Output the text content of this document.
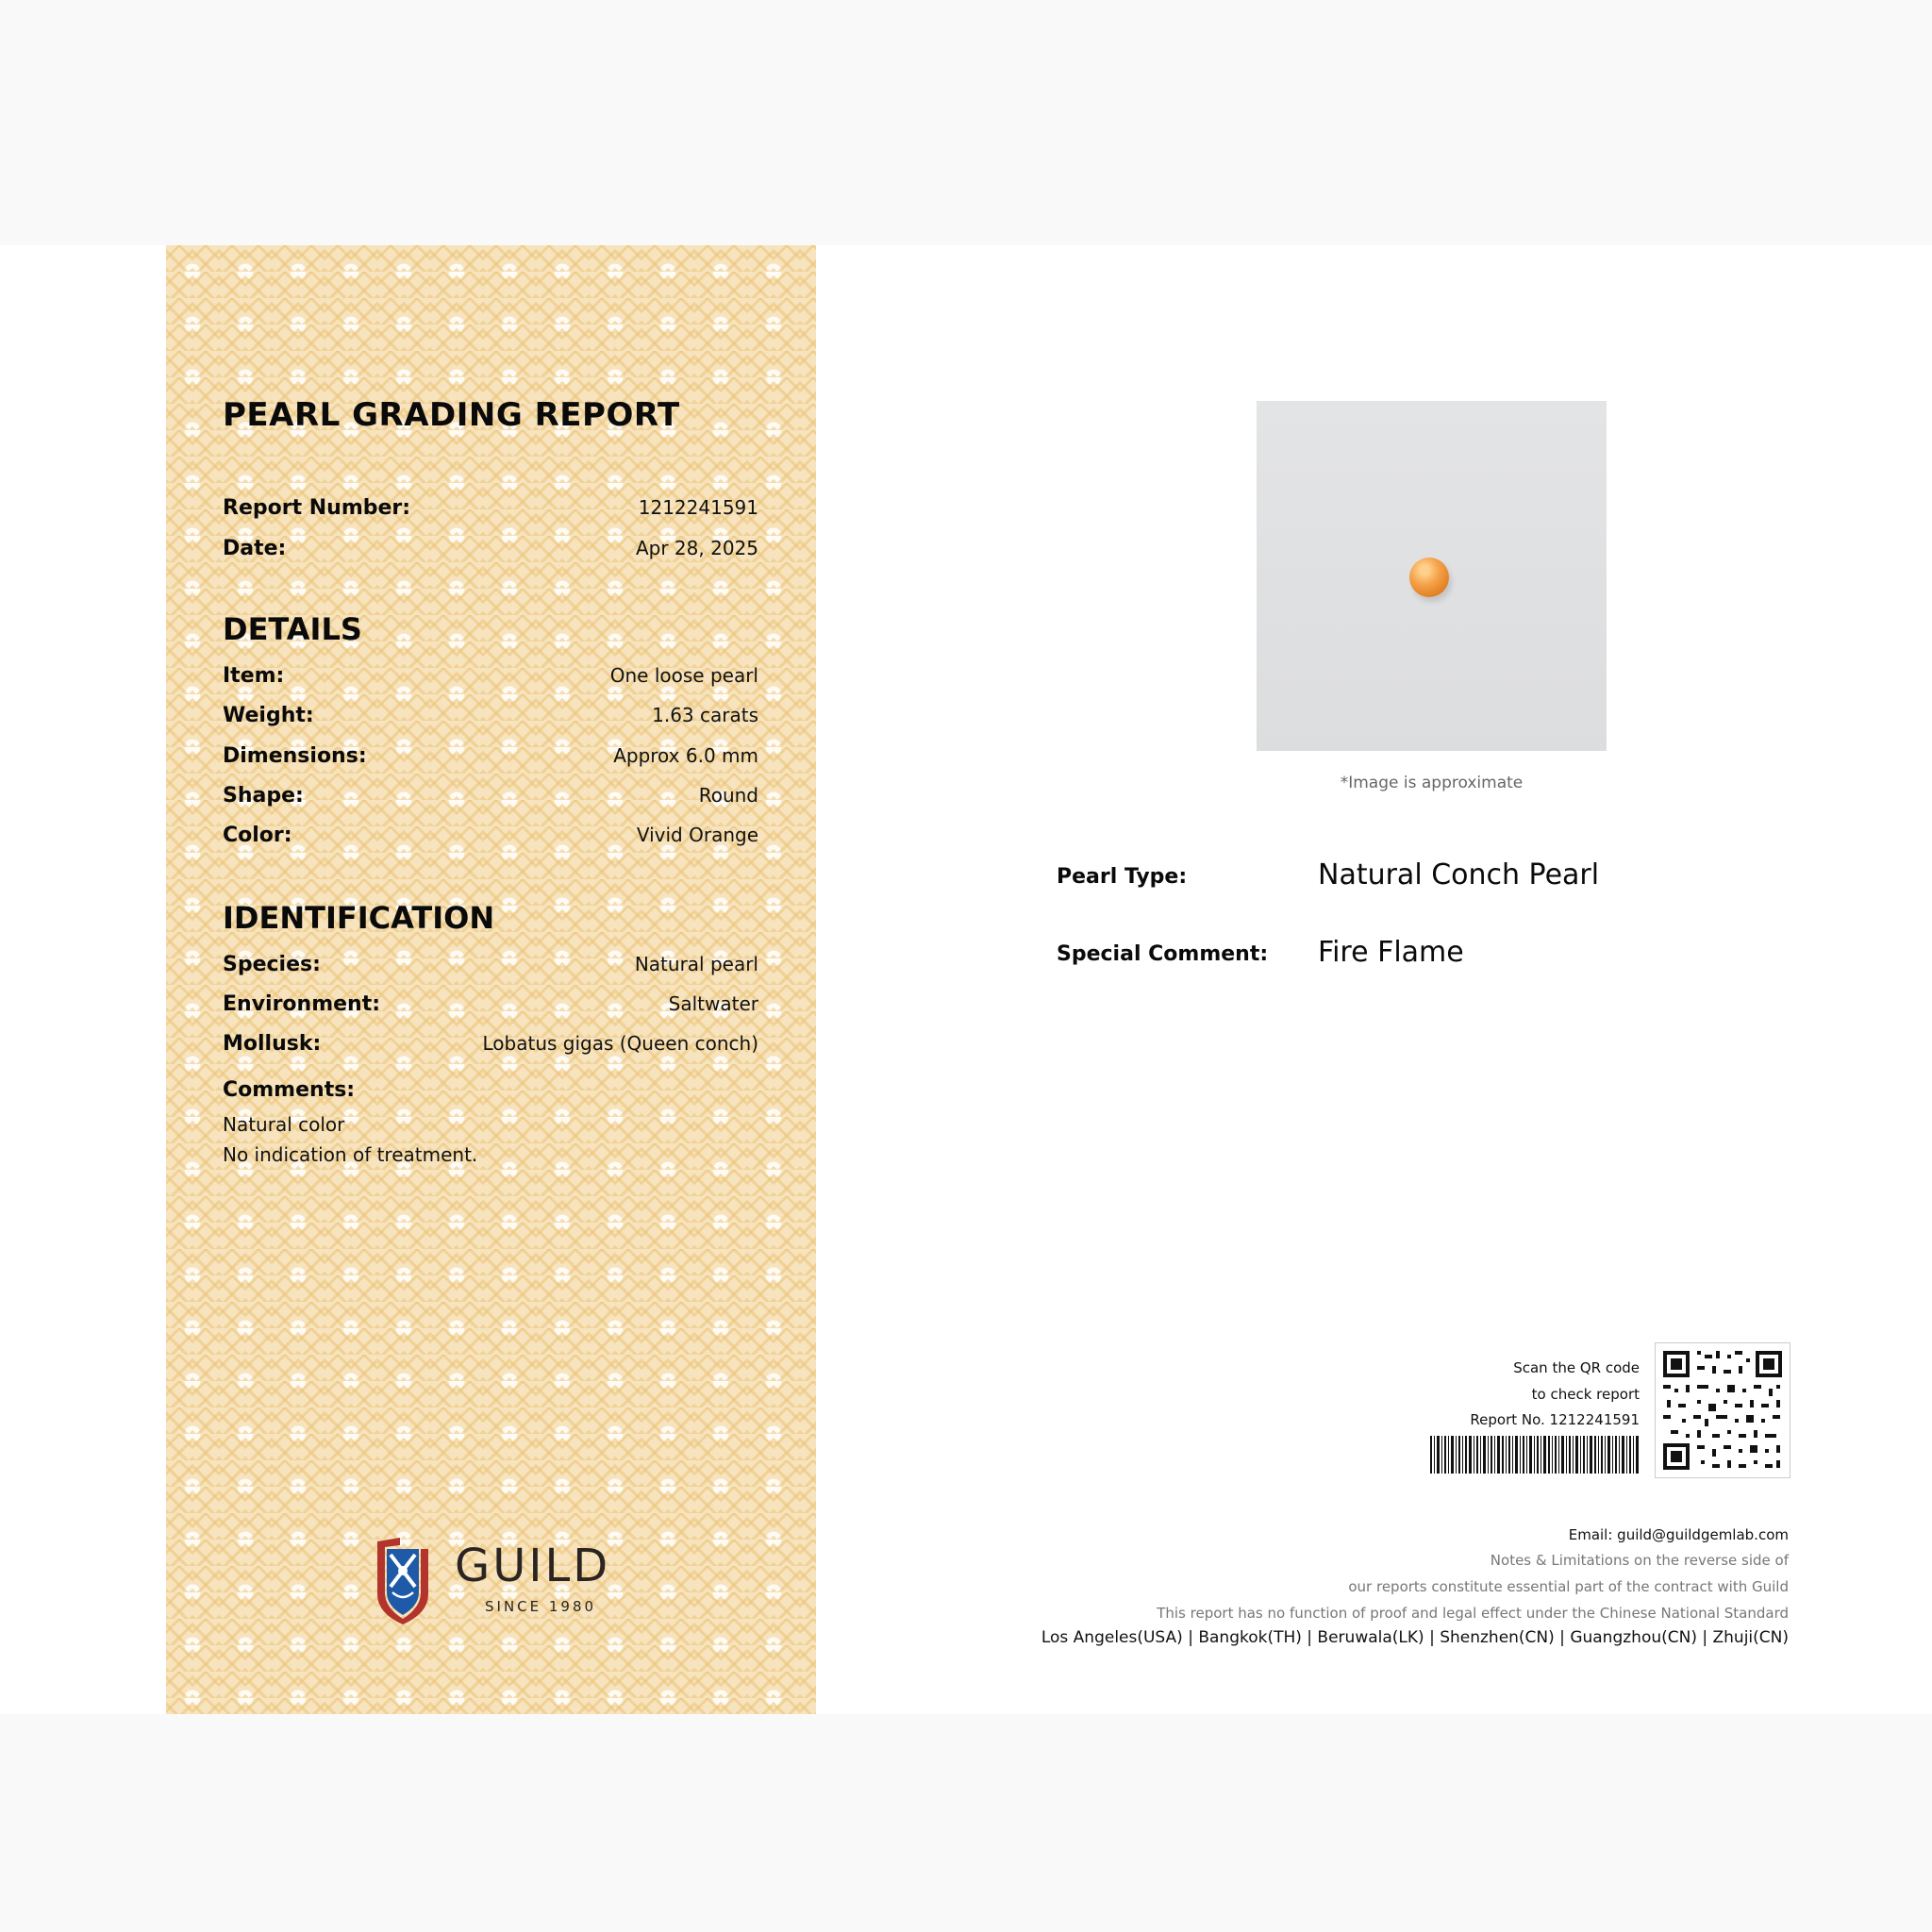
PEARL GRADING REPORT
Report Number:	1212241591
Date:	Apr 28, 2025
DETAILS
Item:	One loose pearl
Weight:	1.63 carats
Dimensions:	Approx 6.0 mm
Shape:	Round
Color:	Vivid Orange
IDENTIFICATION
Species:	Natural pearl
Environment:	Saltwater
Mollusk:	Lobatus gigas (Queen conch)
Comments:
Natural color
No indication of treatment.
GUILD
SINCE 1980
*Image is approximate
Pearl Type:	Natural Conch Pearl
Special Comment: Fire Flame
Scan the QR code
to check report
Report No. 1212241591
Email: guild@guildgemlab.com
Notes & Limitations on the reverse side of
our reports constitute essential part of the contract with Guild
This report has no function of proof and legal effect under the Chinese National Standard
Los Angeles(USA) | Bangkok(TH) | Beruwala(LK) | Shenzhen(CN) | Guangzhou(CN) | Zhuji(CN)
